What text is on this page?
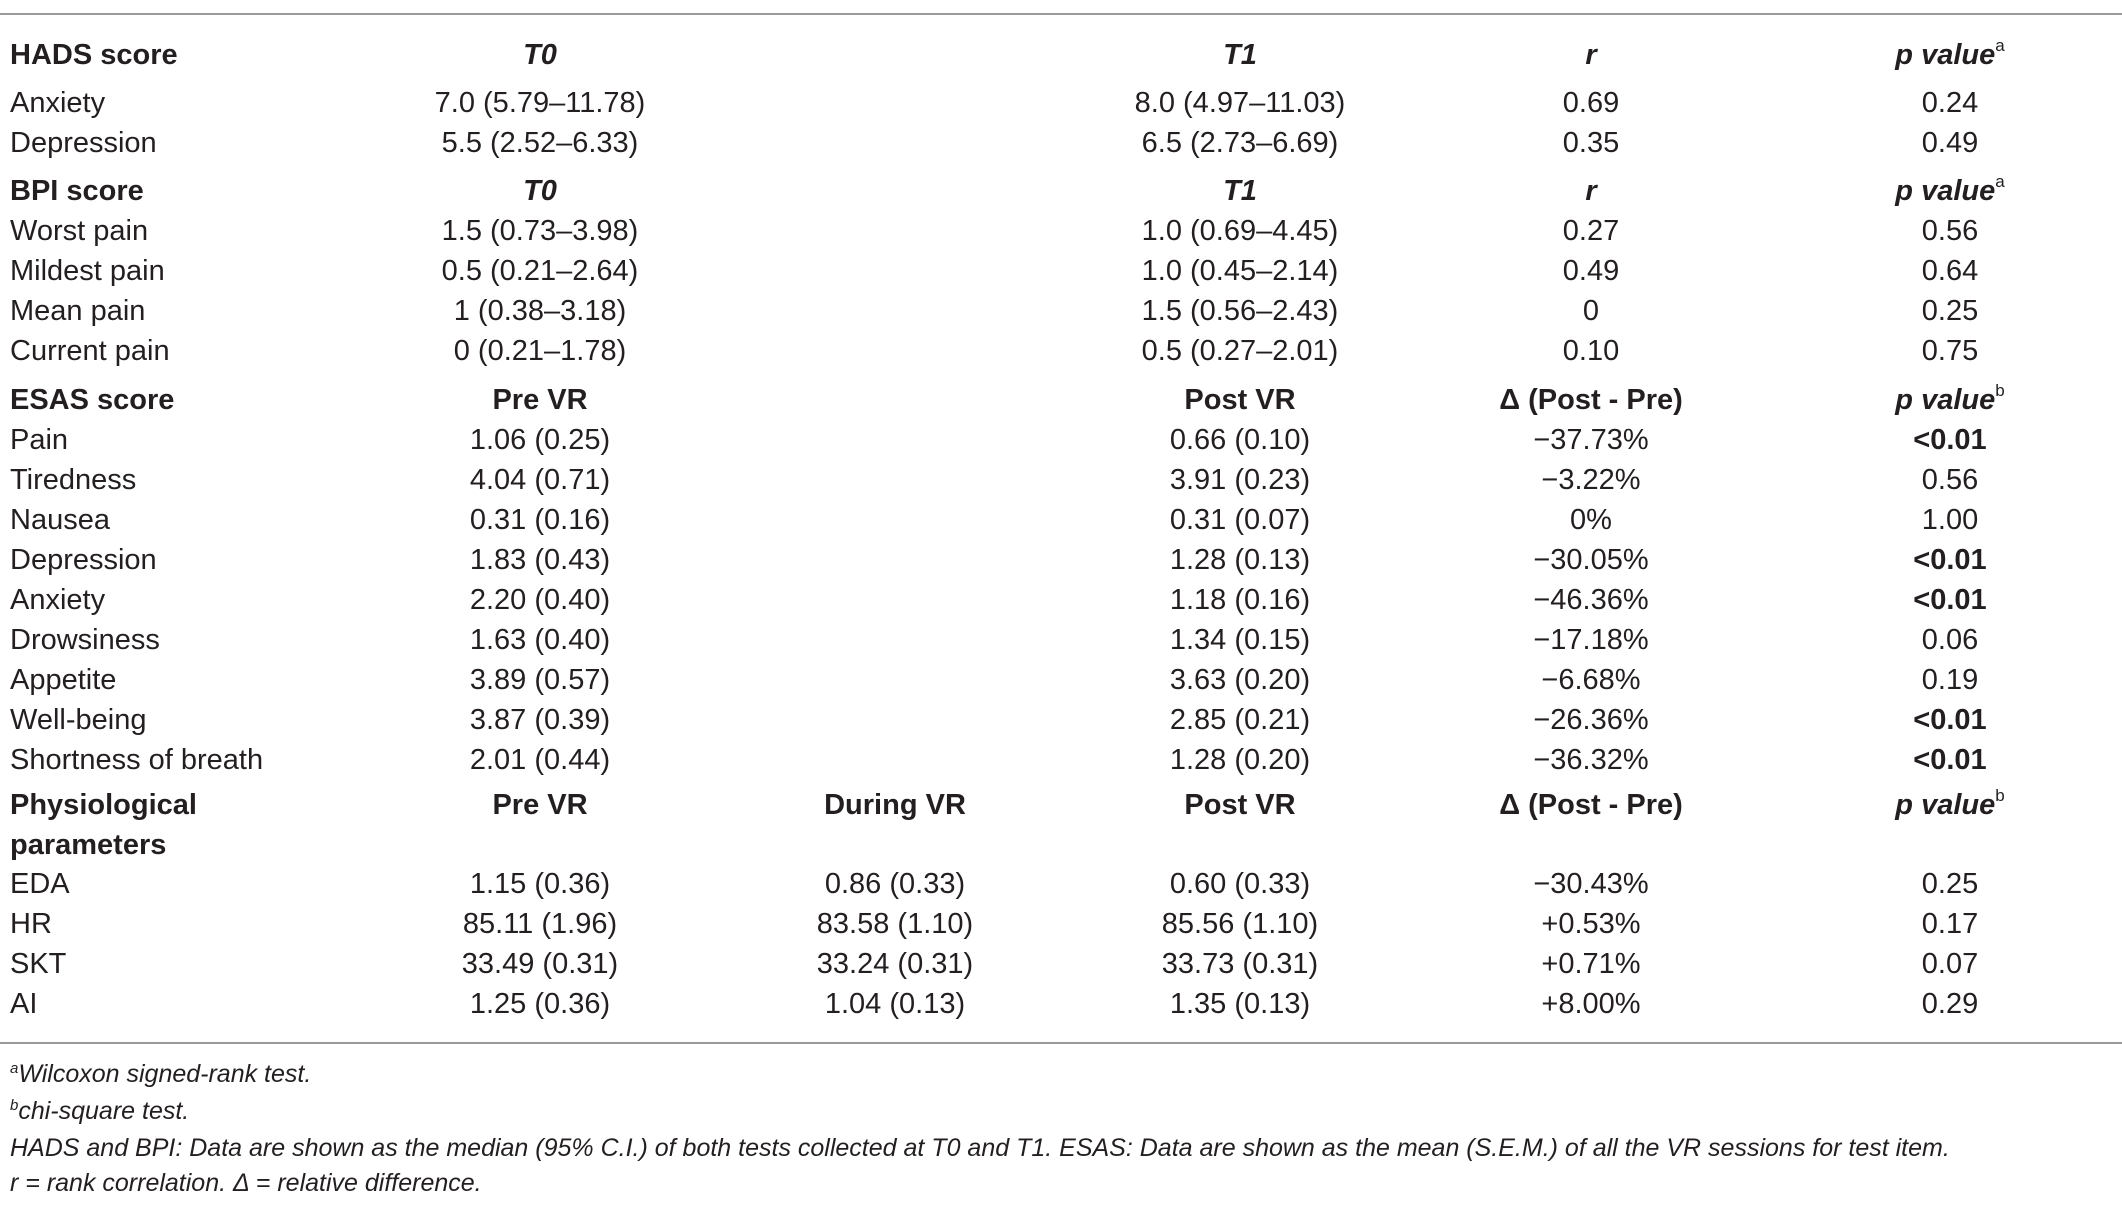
HADS score	T0	T1	r	p value$^a$
Anxiety	7.0 (5.79–11.78)	8.0 (4.97–11.03)	0.69	0.24
Depression	5.5 (2.52–6.33)	6.5 (2.73–6.69)	0.35	0.49
BPI score	T0	T1	r	p value$^a$
Worst pain	1.5 (0.73–3.98)	1.0 (0.69–4.45)	0.27	0.56
Mildest pain	0.5 (0.21–2.64)	1.0 (0.45–2.14)	0.49	0.64
Mean pain	1 (0.38–3.18)	1.5 (0.56–2.43)	0	0.25
Current pain	0 (0.21–1.78)	0.5 (0.27–2.01)	0.10	0.75
ESAS score	Pre VR	Post VR	Δ (Post - Pre)	p value$^b$
Pain	1.06 (0.25)	0.66 (0.10)	−37.73%	<0.01
Tiredness	4.04 (0.71)	3.91 (0.23)	−3.22%	0.56
Nausea	0.31 (0.16)	0.31 (0.07)	0%	1.00
Depression	1.83 (0.43)	1.28 (0.13)	−30.05%	<0.01
Anxiety	2.20 (0.40)	1.18 (0.16)	−46.36%	<0.01
Drowsiness	1.63 (0.40)	1.34 (0.15)	−17.18%	0.06
Appetite	3.89 (0.57)	3.63 (0.20)	−6.68%	0.19
Well-being	3.87 (0.39)	2.85 (0.21)	−26.36%	<0.01
Shortness of breath	2.01 (0.44)	1.28 (0.20)	−36.32%	<0.01
Physiological	Pre VR	During VR	Post VR	Δ (Post - Pre)	p value$^b$
parameters
EDA	1.15 (0.36)	0.86 (0.33)	0.60 (0.33)	−30.43%	0.25
HR	85.11 (1.96)	83.58 (1.10)	85.56 (1.10)	+0.53%	0.17
SKT	33.49 (0.31)	33.24 (0.31)	33.73 (0.31)	+0.71%	0.07
AI	1.25 (0.36)	1.04 (0.13)	1.35 (0.13)	+8.00%	0.29
$^a$Wilcoxon signed-rank test.
$^b$chi-square test.
HADS and BPI: Data are shown as the median (95% C.I.) of both tests collected at T0 and T1. ESAS: Data are shown as the mean (S.E.M.) of all the VR sessions for test item.
r = rank correlation. Δ = relative difference.
